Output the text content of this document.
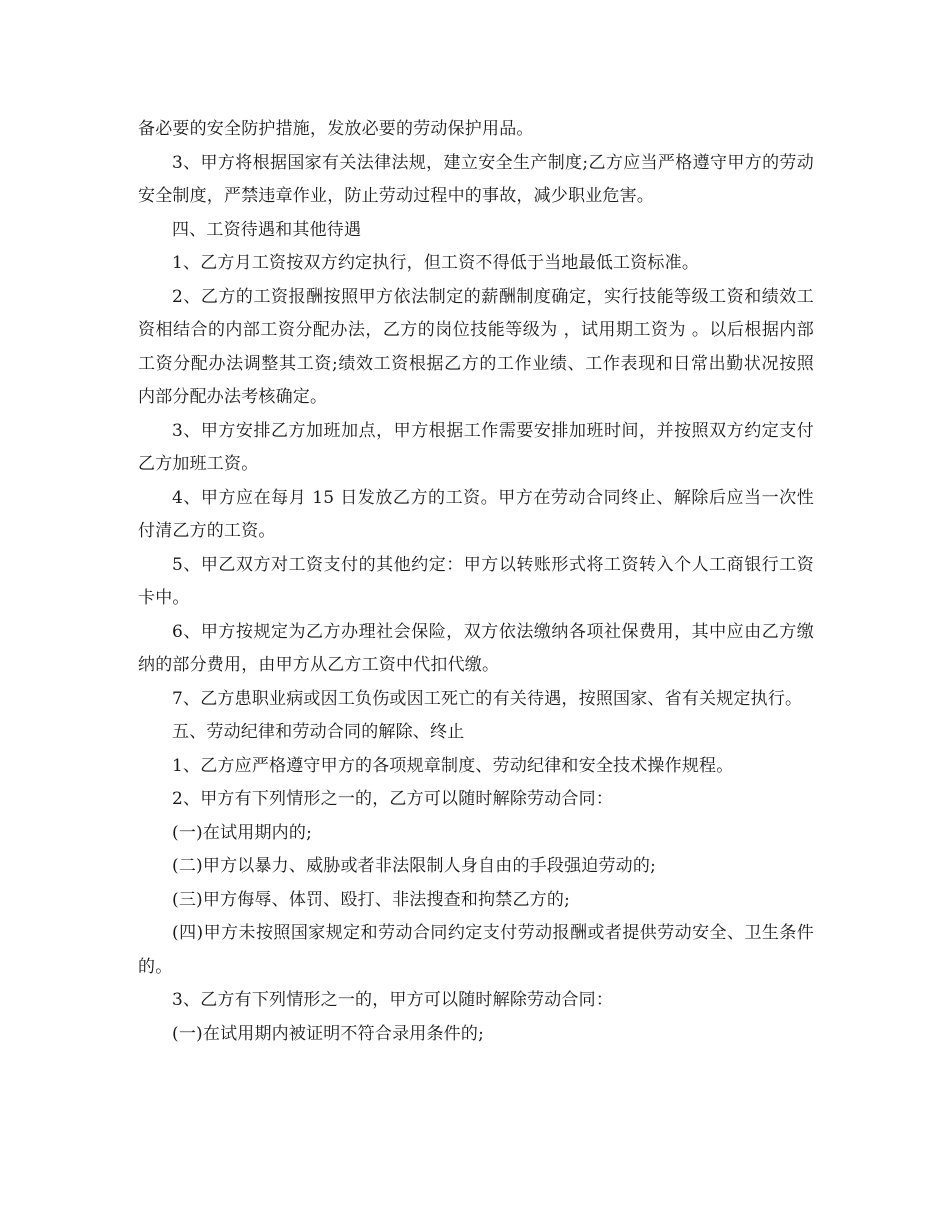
备必要的安全防护措施，发放必要的劳动保护用品。

3、甲方将根据国家有关法律法规，建立安全生产制度;乙方应当严格遵守甲方的劳动安全制度，严禁违章作业，防止劳动过程中的事故，减少职业危害。

四、工资待遇和其他待遇

1、乙方月工资按双方约定执行，但工资不得低于当地最低工资标准。

2、乙方的工资报酬按照甲方依法制定的薪酬制度确定，实行技能等级工资和绩效工资相结合的内部工资分配办法，乙方的岗位技能等级为 ，试用期工资为 。以后根据内部工资分配办法调整其工资;绩效工资根据乙方的工作业绩、工作表现和日常出勤状况按照内部分配办法考核确定。

3、甲方安排乙方加班加点，甲方根据工作需要安排加班时间，并按照双方约定支付乙方加班工资。

4、甲方应在每月 15 日发放乙方的工资。甲方在劳动合同终止、解除后应当一次性付清乙方的工资。

5、甲乙双方对工资支付的其他约定：甲方以转账形式将工资转入个人工商银行工资卡中。

6、甲方按规定为乙方办理社会保险，双方依法缴纳各项社保费用，其中应由乙方缴纳的部分费用，由甲方从乙方工资中代扣代缴。

7、乙方患职业病或因工负伤或因工死亡的有关待遇，按照国家、省有关规定执行。

五、劳动纪律和劳动合同的解除、终止

1、乙方应严格遵守甲方的各项规章制度、劳动纪律和安全技术操作规程。

2、甲方有下列情形之一的，乙方可以随时解除劳动合同：

(一)在试用期内的;

(二)甲方以暴力、威胁或者非法限制人身自由的手段强迫劳动的;

(三)甲方侮辱、体罚、殴打、非法搜查和拘禁乙方的;

(四)甲方未按照国家规定和劳动合同约定支付劳动报酬或者提供劳动安全、卫生条件的。

3、乙方有下列情形之一的，甲方可以随时解除劳动合同：

(一)在试用期内被证明不符合录用条件的;
